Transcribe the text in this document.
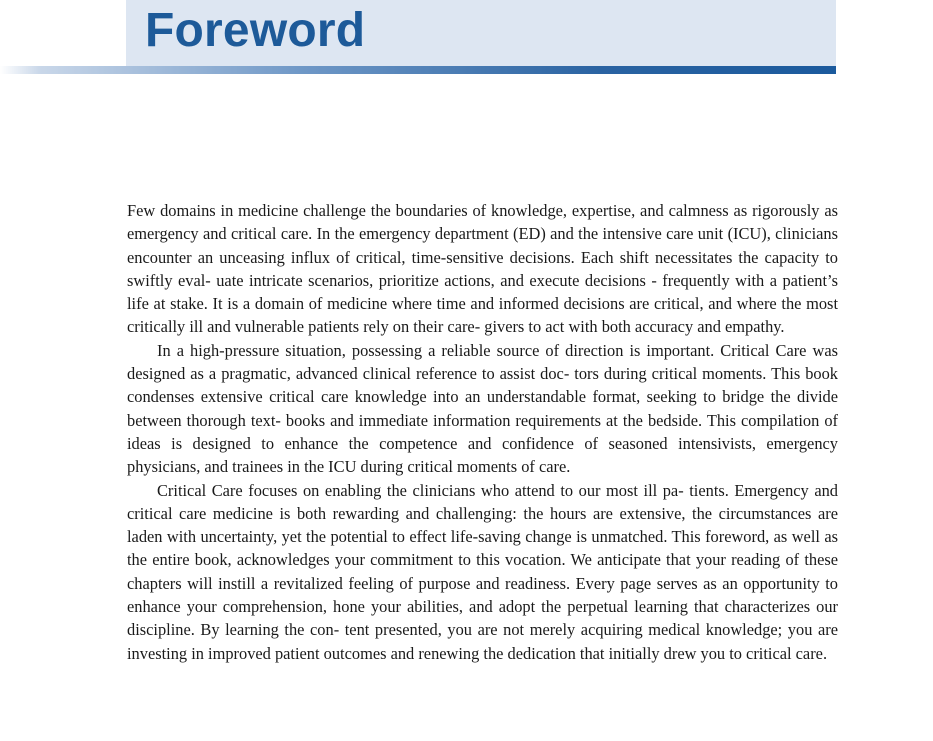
Foreword

Few domains in medicine challenge the boundaries of knowledge, expertise, and calmness as rigorously as emergency and critical care. In the emergency department (ED) and the intensive care unit (ICU), clinicians encounter an unceasing influx of critical, time-sensitive decisions. Each shift necessitates the capacity to swiftly eval- uate intricate scenarios, prioritize actions, and execute decisions - frequently with a patient’s life at stake. It is a domain of medicine where time and informed decisions are critical, and where the most critically ill and vulnerable patients rely on their care- givers to act with both accuracy and empathy.

In a high-pressure situation, possessing a reliable source of direction is important. Critical Care was designed as a pragmatic, advanced clinical reference to assist doc- tors during critical moments. This book condenses extensive critical care knowledge into an understandable format, seeking to bridge the divide between thorough text- books and immediate information requirements at the bedside. This compilation of ideas is designed to enhance the competence and confidence of seasoned intensivists, emergency physicians, and trainees in the ICU during critical moments of care.

Critical Care focuses on enabling the clinicians who attend to our most ill pa- tients. Emergency and critical care medicine is both rewarding and challenging: the hours are extensive, the circumstances are laden with uncertainty, yet the potential to effect life-saving change is unmatched. This foreword, as well as the entire book, acknowledges your commitment to this vocation. We anticipate that your reading of these chapters will instill a revitalized feeling of purpose and readiness. Every page serves as an opportunity to enhance your comprehension, hone your abilities, and adopt the perpetual learning that characterizes our discipline. By learning the con- tent presented, you are not merely acquiring medical knowledge; you are investing in improved patient outcomes and renewing the dedication that initially drew you to critical care.
